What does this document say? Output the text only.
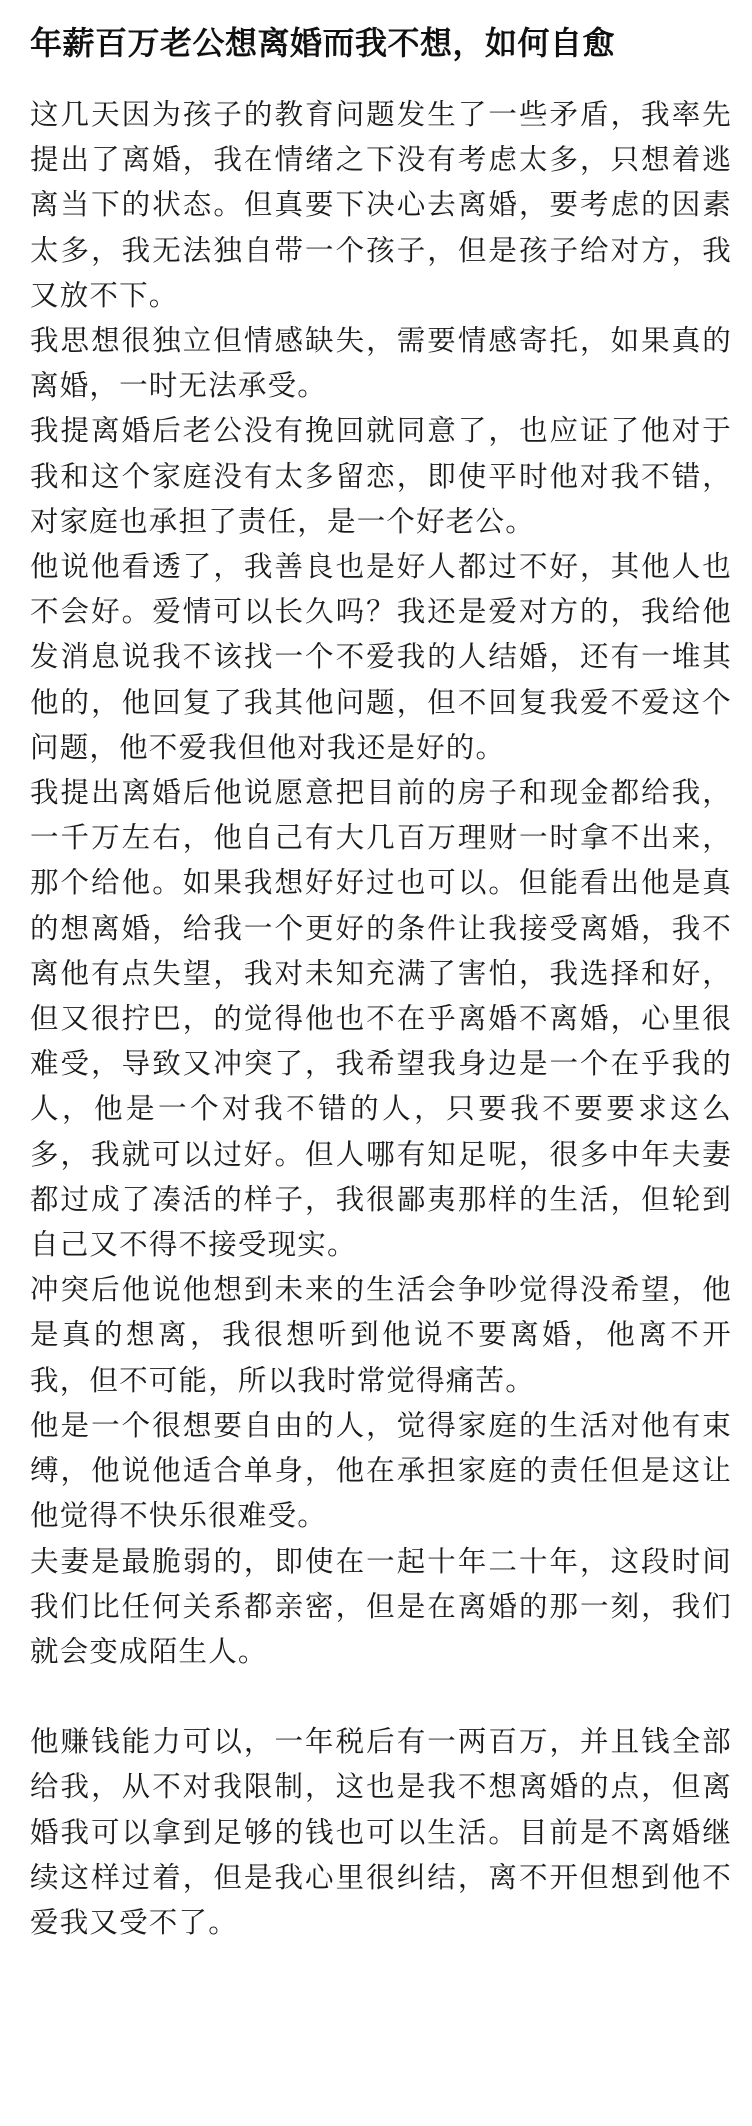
年薪百万老公想离婚而我不想，如何自愈

这几天因为孩子的教育问题发生了一些矛盾，我率先提出了离婚，我在情绪之下没有考虑太多，只想着逃离当下的状态。但真要下决心去离婚，要考虑的因素太多，我无法独自带一个孩子，但是孩子给对方，我又放不下。

我思想很独立但情感缺失，需要情感寄托，如果真的离婚，一时无法承受。

我提离婚后老公没有挽回就同意了，也应证了他对于我和这个家庭没有太多留恋，即使平时他对我不错，对家庭也承担了责任，是一个好老公。

他说他看透了，我善良也是好人都过不好，其他人也不会好。爱情可以长久吗？我还是爱对方的，我给他发消息说我不该找一个不爱我的人结婚，还有一堆其他的，他回复了我其他问题，但不回复我爱不爱这个问题，他不爱我但他对我还是好的。

我提出离婚后他说愿意把目前的房子和现金都给我，一千万左右，他自己有大几百万理财一时拿不出来，那个给他。如果我想好好过也可以。但能看出他是真的想离婚，给我一个更好的条件让我接受离婚，我不离他有点失望，我对未知充满了害怕，我选择和好，但又很拧巴，的觉得他也不在乎离婚不离婚，心里很难受，导致又冲突了，我希望我身边是一个在乎我的人，他是一个对我不错的人，只要我不要要求这么多，我就可以过好。但人哪有知足呢，很多中年夫妻都过成了凑活的样子，我很鄙夷那样的生活，但轮到自己又不得不接受现实。

冲突后他说他想到未来的生活会争吵觉得没希望，他是真的想离，我很想听到他说不要离婚，他离不开我，但不可能，所以我时常觉得痛苦。

他是一个很想要自由的人，觉得家庭的生活对他有束缚，他说他适合单身，他在承担家庭的责任但是这让他觉得不快乐很难受。

夫妻是最脆弱的，即使在一起十年二十年，这段时间我们比任何关系都亲密，但是在离婚的那一刻，我们就会变成陌生人。

他赚钱能力可以，一年税后有一两百万，并且钱全部给我，从不对我限制，这也是我不想离婚的点，但离婚我可以拿到足够的钱也可以生活。目前是不离婚继续这样过着，但是我心里很纠结，离不开但想到他不爱我又受不了。
